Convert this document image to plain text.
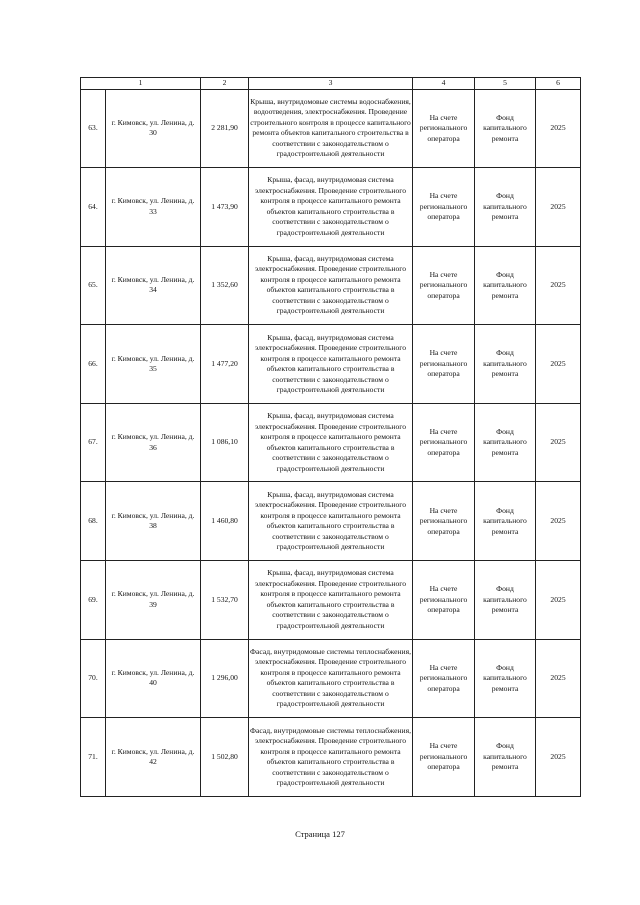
1		2	3	4	5	6
63.	г. Кимовск, ул. Ленина, д. 30	2 281,90	Крыша, внутридомовые системы водоснабжения, водоотведения, электроснабжения. Проведение строительного контроля в процессе капитального ремонта объектов капитального строительства в соответствии с законодательством о градостроительной деятельности	На счете регионального оператора	Фонд капитального ремонта	2025
64.	г. Кимовск, ул. Ленина, д. 33	1 473,90	Крыша, фасад, внутридомовая система электроснабжения. Проведение строительного контроля в процессе капитального ремонта объектов капитального строительства в соответствии с законодательством о градостроительной деятельности	На счете регионального оператора	Фонд капитального ремонта	2025
65.	г. Кимовск, ул. Ленина, д. 34	1 352,60	Крыша, фасад, внутридомовая система электроснабжения. Проведение строительного контроля в процессе капитального ремонта объектов капитального строительства в соответствии с законодательством о градостроительной деятельности	На счете регионального оператора	Фонд капитального ремонта	2025
66.	г. Кимовск, ул. Ленина, д. 35	1 477,20	Крыша, фасад, внутридомовая система электроснабжения. Проведение строительного контроля в процессе капитального ремонта объектов капитального строительства в соответствии с законодательством о градостроительной деятельности	На счете регионального оператора	Фонд капитального ремонта	2025
67.	г. Кимовск, ул. Ленина, д. 36	1 086,10	Крыша, фасад, внутридомовая система электроснабжения. Проведение строительного контроля в процессе капитального ремонта объектов капитального строительства в соответствии с законодательством о градостроительной деятельности	На счете регионального оператора	Фонд капитального ремонта	2025
68.	г. Кимовск, ул. Ленина, д. 38	1 460,80	Крыша, фасад, внутридомовая система электроснабжения. Проведение строительного контроля в процессе капитального ремонта объектов капитального строительства в соответствии с законодательством о градостроительной деятельности	На счете регионального оператора	Фонд капитального ремонта	2025
69.	г. Кимовск, ул. Ленина, д. 39	1 532,70	Крыша, фасад, внутридомовая система электроснабжения. Проведение строительного контроля в процессе капитального ремонта объектов капитального строительства в соответствии с законодательством о градостроительной деятельности	На счете регионального оператора	Фонд капитального ремонта	2025
70.	г. Кимовск, ул. Ленина, д. 40	1 296,00	Фасад, внутридомовые системы теплоснабжения, электроснабжения. Проведение строительного контроля в процессе капитального ремонта объектов капитального строительства в соответствии с законодательством о градостроительной деятельности	На счете регионального оператора	Фонд капитального ремонта	2025
71.	г. Кимовск, ул. Ленина, д. 42	1 502,80	Фасад, внутридомовые системы теплоснабжения, электроснабжения. Проведение строительного контроля в процессе капитального ремонта объектов капитального строительства в соответствии с законодательством о градостроительной деятельности	На счете регионального оператора	Фонд капитального ремонта	2025
Страница 127
